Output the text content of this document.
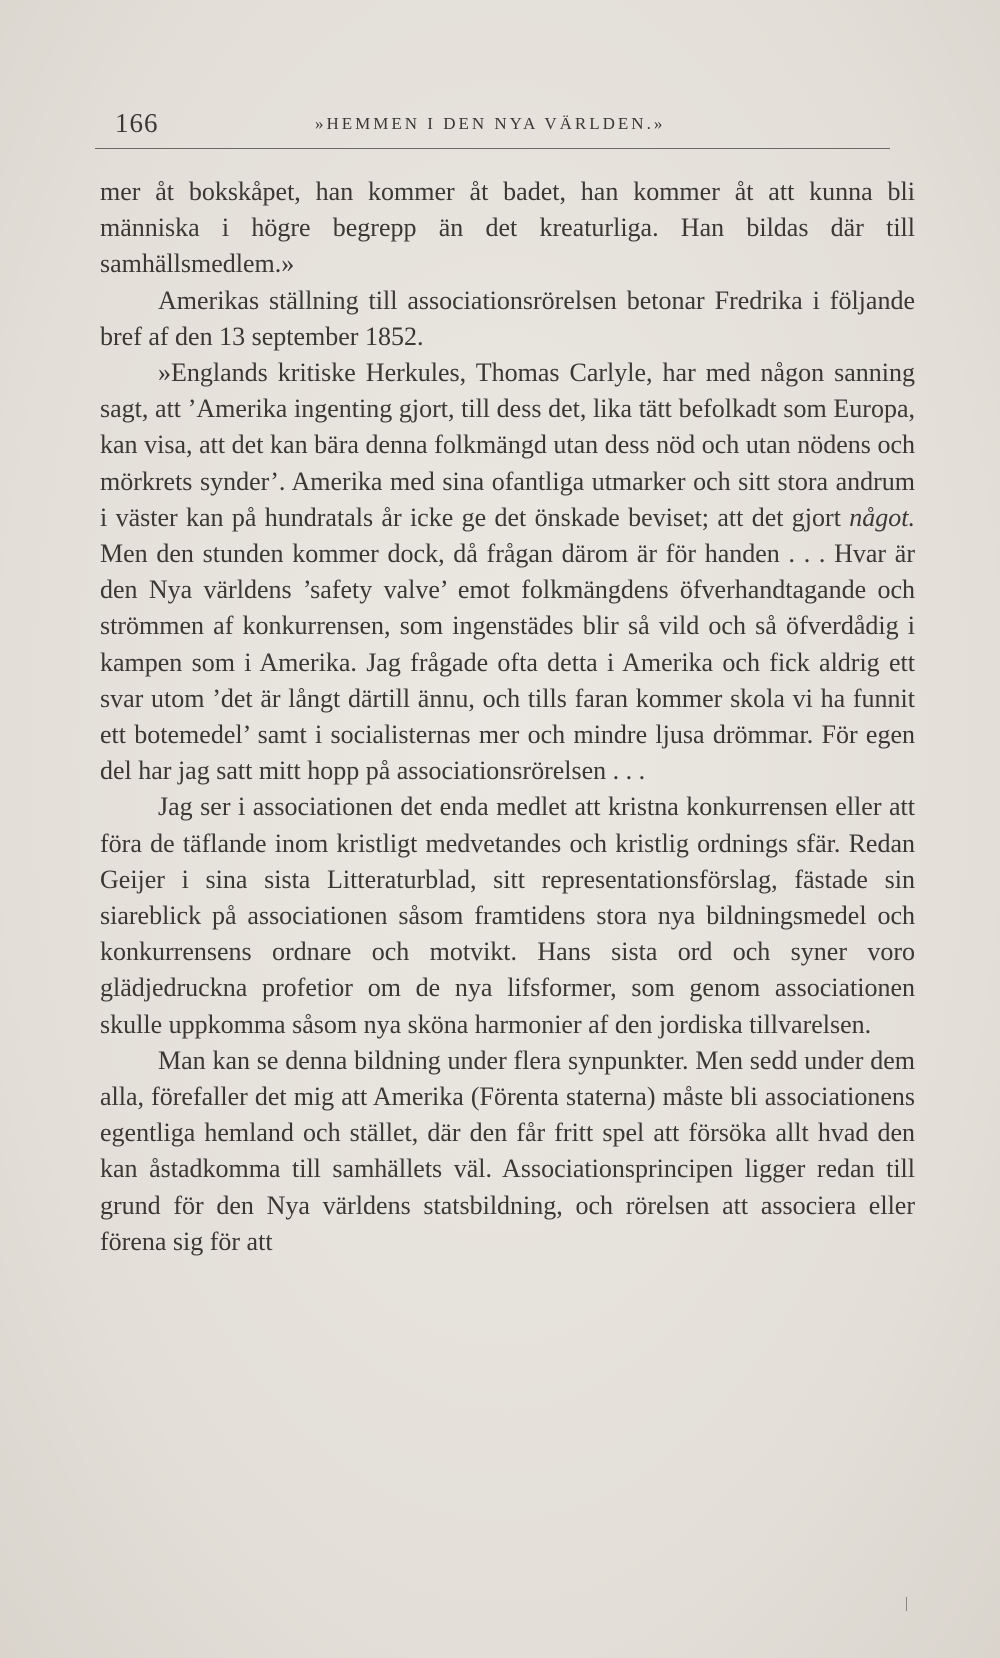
166	»HEMMEN I DEN NYA VÄRLDEN.»

mer åt bokskåpet, han kommer åt badet, han kommer åt att kunna bli människa i högre begrepp än det kreaturliga. Han bildas där till samhällsmedlem.»

Amerikas ställning till associationsrörelsen betonar Fredrika i följande bref af den 13 september 1852.

»Englands kritiske Herkules, Thomas Carlyle, har med någon sanning sagt, att ’Amerika ingenting gjort, till dess det, lika tätt befolkadt som Europa, kan visa, att det kan bära denna folkmängd utan dess nöd och utan nödens och mörkrets synder’. Amerika med sina ofantliga utmarker och sitt stora andrum i väster kan på hundratals år icke ge det önskade beviset; att det gjort något. Men den stunden kommer dock, då frågan därom är för handen . . . Hvar är den Nya världens ’safety valve’ emot folkmängdens öfverhandtagande och strömmen af konkurrensen, som ingenstädes blir så vild och så öfverdådig i kampen som i Amerika. Jag frågade ofta detta i Amerika och fick aldrig ett svar utom ’det är långt därtill ännu, och tills faran kommer skola vi ha funnit ett botemedel’ samt i socialisternas mer och mindre ljusa drömmar. För egen del har jag satt mitt hopp på associationsrörelsen . . .

Jag ser i associationen det enda medlet att kristna konkurrensen eller att föra de täflande inom kristligt medvetandes och kristlig ordnings sfär. Redan Geijer i sina sista Litteraturblad, sitt representationsförslag, fästade sin siareblick på associationen såsom framtidens stora nya bildningsmedel och konkurrensens ordnare och motvikt. Hans sista ord och syner voro glädjedruckna profetior om de nya lifsformer, som genom associationen skulle uppkomma såsom nya sköna harmonier af den jordiska tillvarelsen.

Man kan se denna bildning under flera synpunkter. Men sedd under dem alla, förefaller det mig att Amerika (Förenta staterna) måste bli associationens egentliga hemland och stället, där den får fritt spel att försöka allt hvad den kan åstadkomma till samhällets väl. Associationsprincipen ligger redan till grund för den Nya världens statsbildning, och rörelsen att associera eller förena sig för att
